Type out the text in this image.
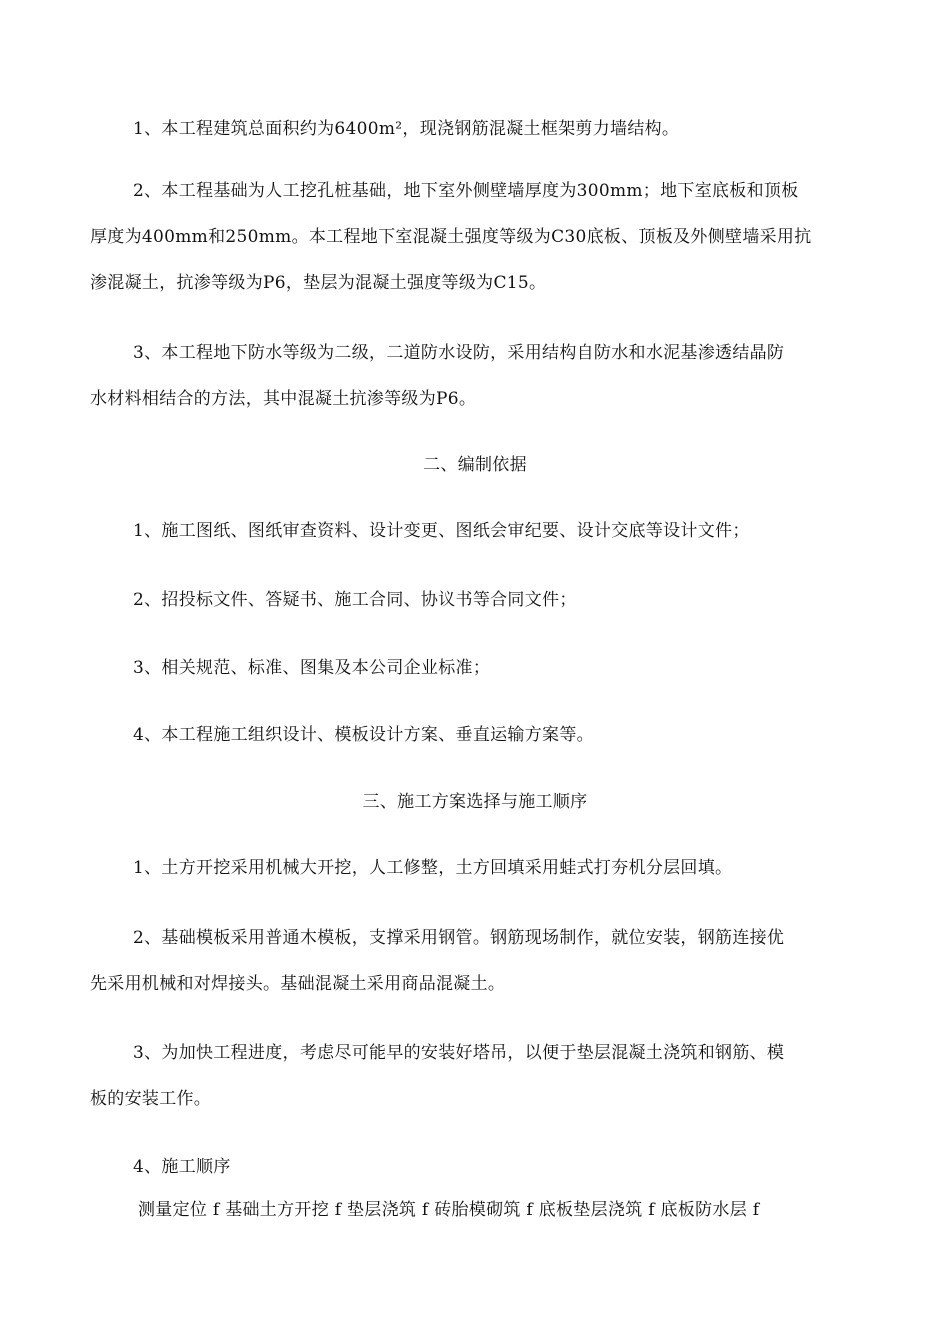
1、本工程建筑总面积约为6400m²，现浇钢筋混凝土框架剪力墙结构。
2、本工程基础为人工挖孔桩基础，地下室外侧壁墙厚度为300mm；地下室底板和顶板
厚度为400mm和250mm。本工程地下室混凝土强度等级为C30底板、顶板及外侧壁墙采用抗
渗混凝土，抗渗等级为P6，垫层为混凝土强度等级为C15。
3、本工程地下防水等级为二级，二道防水设防，采用结构自防水和水泥基渗透结晶防
水材料相结合的方法，其中混凝土抗渗等级为P6。
二、编制依据
1、施工图纸、图纸审查资料、设计变更、图纸会审纪要、设计交底等设计文件；
2、招投标文件、答疑书、施工合同、协议书等合同文件；
3、相关规范、标准、图集及本公司企业标准；
4、本工程施工组织设计、模板设计方案、垂直运输方案等。
三、施工方案选择与施工顺序
1、土方开挖采用机械大开挖，人工修整，土方回填采用蛙式打夯机分层回填。
2、基础模板采用普通木模板，支撑采用钢管。钢筋现场制作，就位安装，钢筋连接优
先采用机械和对焊接头。基础混凝土采用商品混凝土。
3、为加快工程进度，考虑尽可能早的安装好塔吊，以便于垫层混凝土浇筑和钢筋、模
板的安装工作。
4、施工顺序
测量定位 f 基础土方开挖 f 垫层浇筑 f 砖胎模砌筑 f 底板垫层浇筑 f 底板防水层 f
